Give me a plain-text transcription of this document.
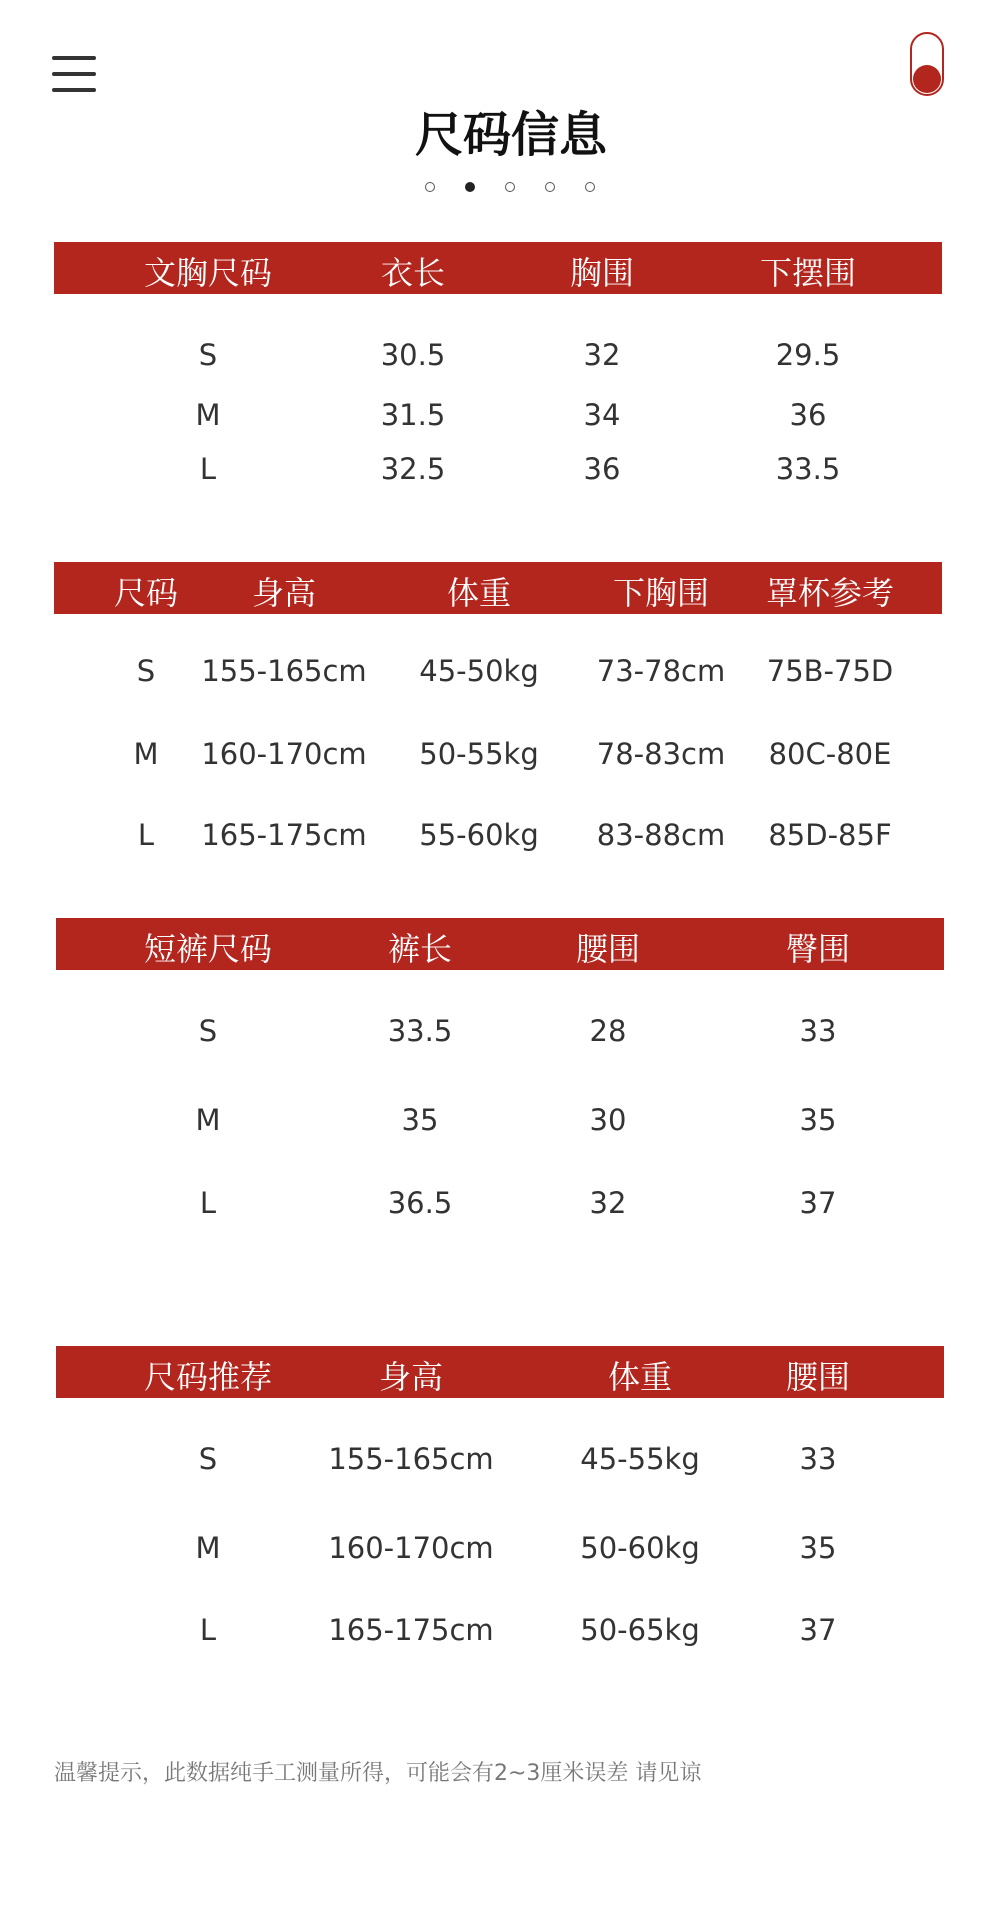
尺码信息
文胸尺码	衣长	胸围	下摆围
S	30.5	32	29.5
M	31.5	34	36
L	32.5	36	33.5
尺码 身高	体重	下胸围 罩杯参考
S 155-165cm 45-50kg 73-78cm 75B-75D
M 160-170cm 50-55kg 78-83cm 80C-80E
L 165-175cm 55-60kg 83-88cm 85D-85F
短裤尺码	裤长	腰围	臀围
S	33.5	28	33
M	35	30	35
L	36.5	32	37
尺码推荐	身高	体重	腰围
S	155-165cm	45-55kg	33
M	160-170cm	50-60kg	35
L	165-175cm	50-65kg	37
温馨提示，此数据纯手工测量所得，可能会有2~3厘米误差 请见谅
